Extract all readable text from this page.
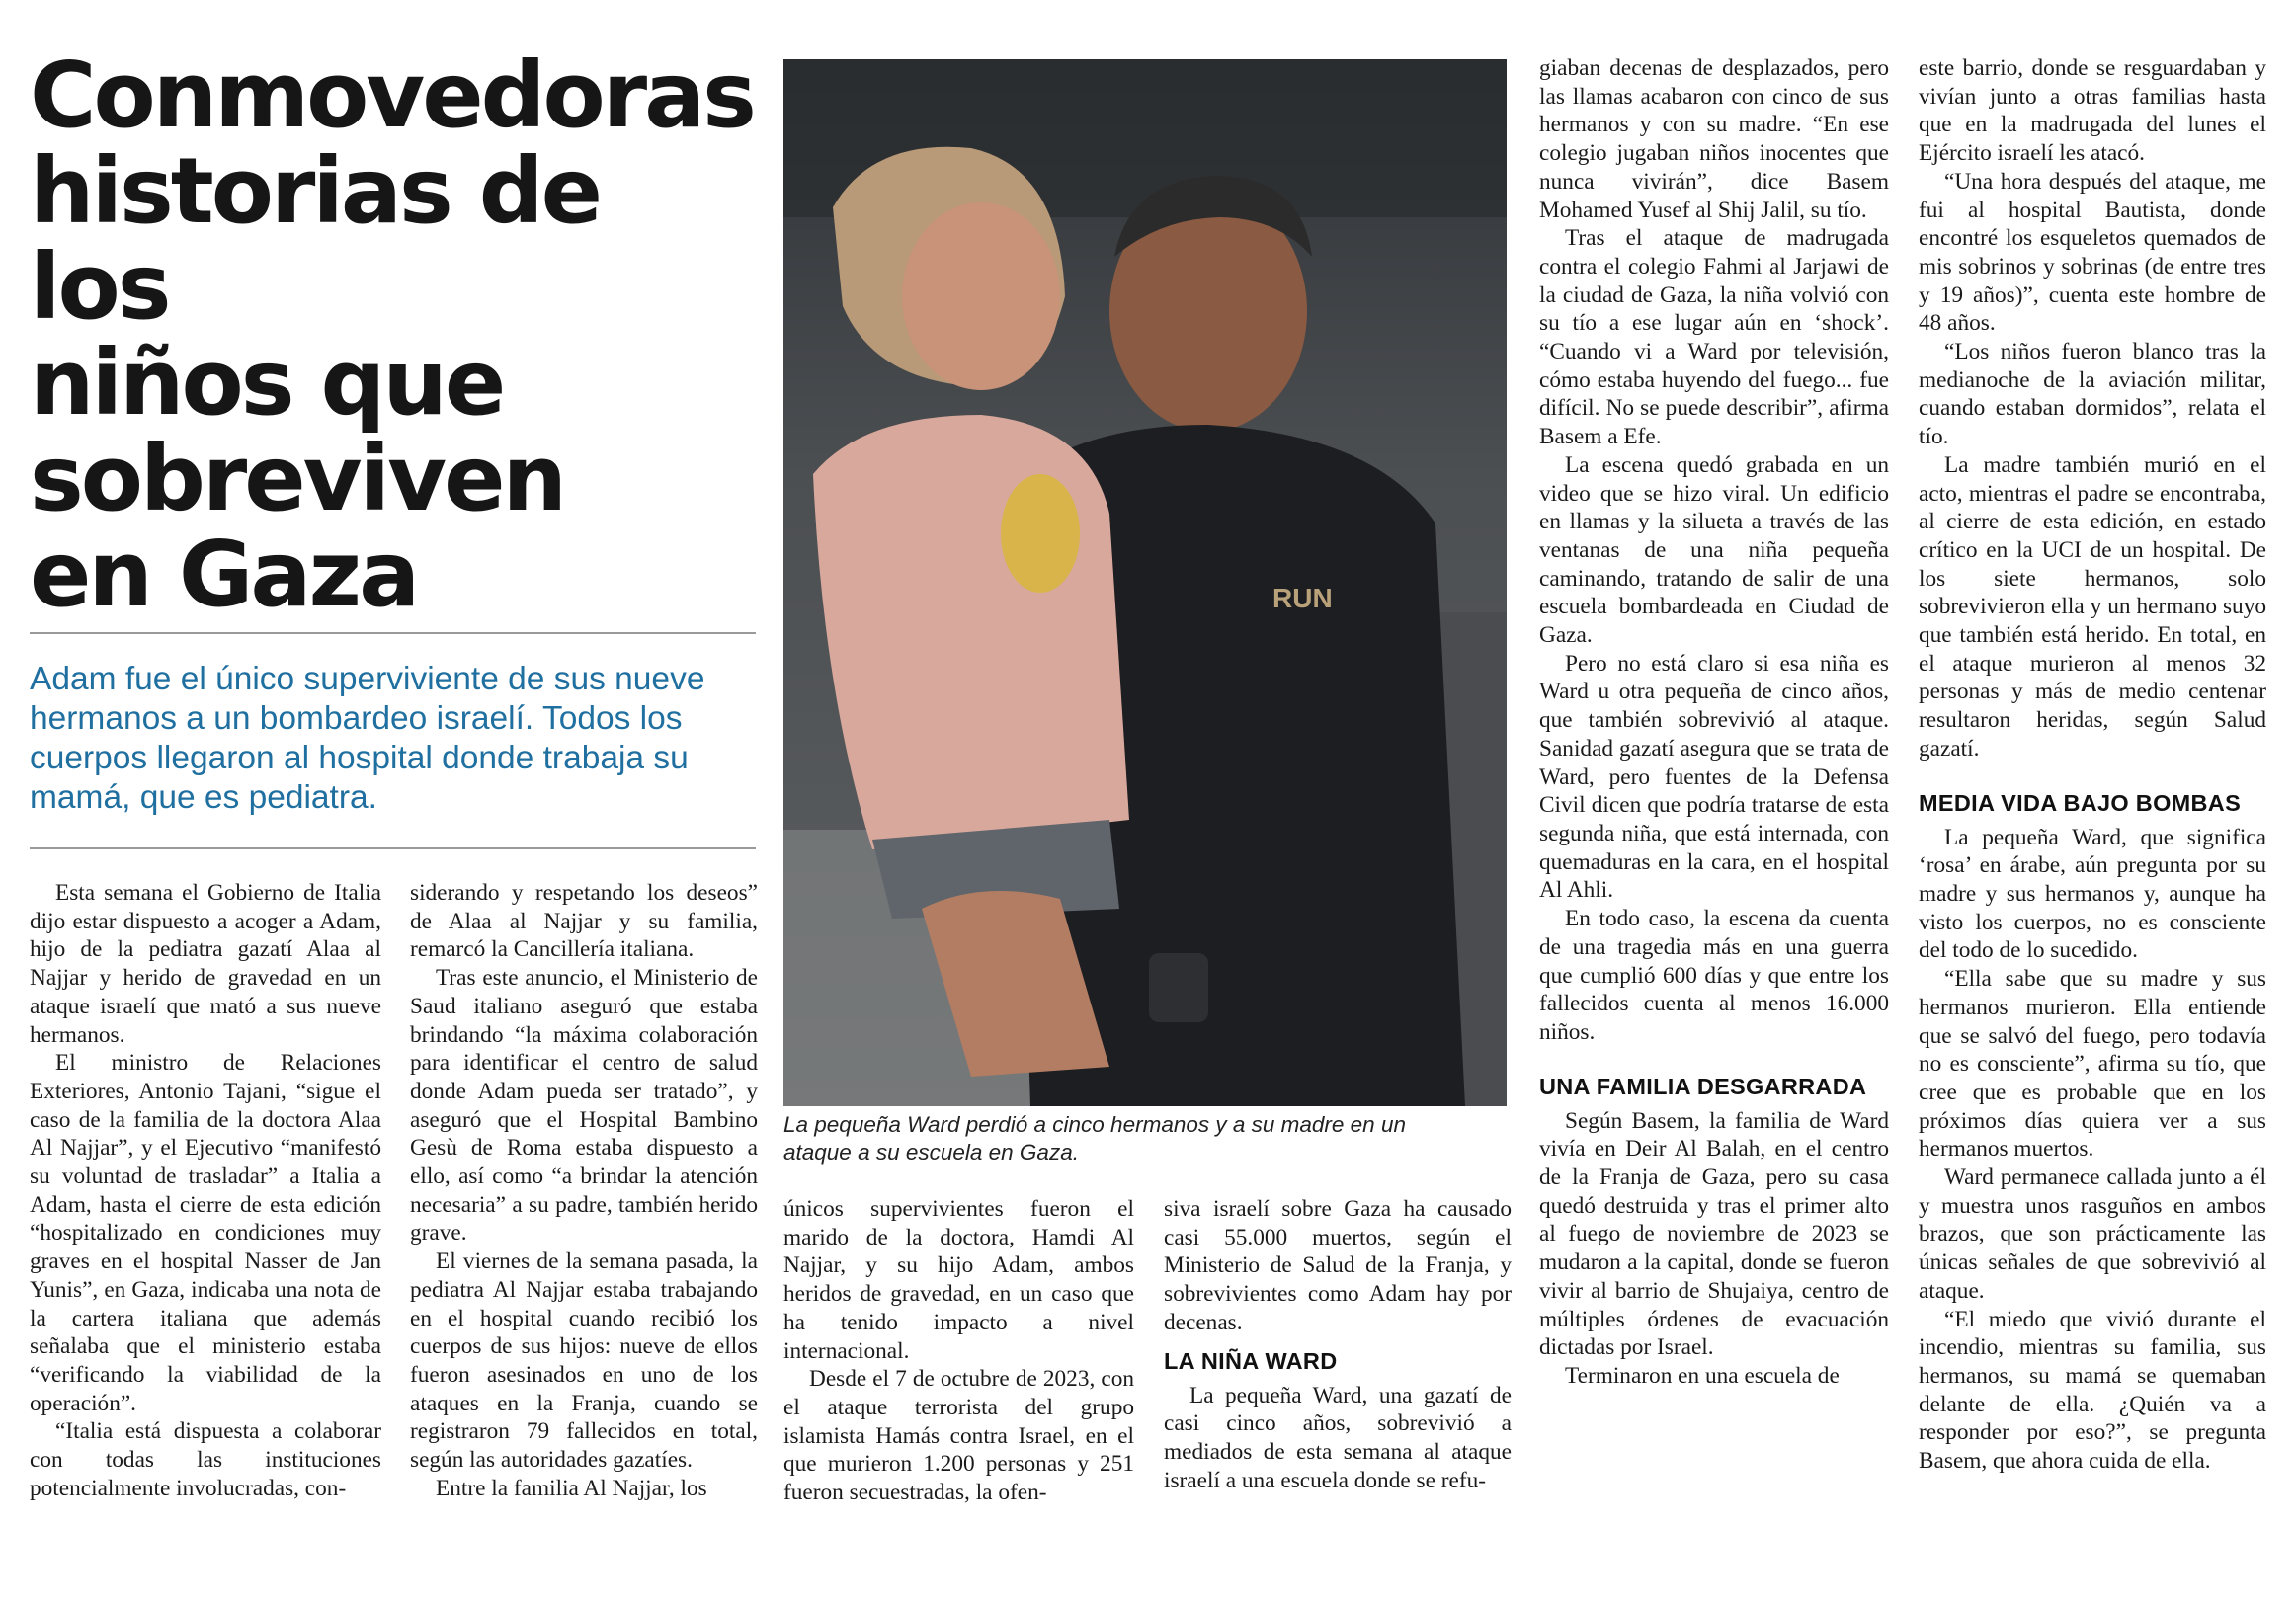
Conmovedoras
historias de los
niños que
sobreviven
en Gaza

Adam fue el único superviviente de sus nueve hermanos a un bombardeo israelí. Todos los cuerpos llegaron al hospital donde trabaja su mamá, que es pediatra.

Esta semana el Gobierno de Italia dijo estar dispuesto a acoger a Adam, hijo de la pediatra gazatí Alaa al Najjar y herido de gravedad en un ataque israelí que mató a sus nueve hermanos.

El ministro de Relaciones Exteriores, Antonio Tajani, “sigue el caso de la familia de la doctora Alaa Al Najjar”, y el Ejecutivo “manifestó su voluntad de trasladar” a Italia a Adam, hasta el cierre de esta edición “hospitalizado en condiciones muy graves en el hospital Nasser de Jan Yunis”, en Gaza, indicaba una nota de la cartera italiana que además señalaba que el ministerio estaba “verificando la viabilidad de la operación”.

“Italia está dispuesta a colaborar con todas las instituciones potencialmente involucradas, con-

siderando y respetando los deseos” de Alaa al Najjar y su familia, remarcó la Cancillería italiana.

Tras este anuncio, el Ministerio de Saud italiano aseguró que estaba brindando “la máxima colaboración para identificar el centro de salud donde Adam pueda ser tratado”, y aseguró que el Hospital Bambino Gesù de Roma estaba dispuesto a ello, así como “a brindar la atención necesaria” a su padre, también herido grave.

El viernes de la semana pasada, la pediatra Al Najjar estaba trabajando en el hospital cuando recibió los cuerpos de sus hijos: nueve de ellos fueron asesinados en uno de los ataques en la Franja, cuando se registraron 79 fallecidos en total, según las autoridades gazatíes.

Entre la familia Al Najjar, los

RUN

La pequeña Ward perdió a cinco hermanos y a su madre en un ataque a su escuela en Gaza.

únicos supervivientes fueron el marido de la doctora, Hamdi Al Najjar, y su hijo Adam, ambos heridos de gravedad, en un caso que ha tenido impacto a nivel internacional.

Desde el 7 de octubre de 2023, con el ataque terrorista del grupo islamista Hamás contra Israel, en el que murieron 1.200 personas y 251 fueron secuestradas, la ofen-

siva israelí sobre Gaza ha causado casi 55.000 muertos, según el Ministerio de Salud de la Franja, y sobrevivientes como Adam hay por decenas.

LA NIÑA WARD

La pequeña Ward, una gazatí de casi cinco años, sobrevivió a mediados de esta semana al ataque israelí a una escuela donde se refu-

giaban decenas de desplazados, pero las llamas acabaron con cinco de sus hermanos y con su madre. “En ese colegio jugaban niños inocentes que nunca vivirán”, dice Basem Mohamed Yusef al Shij Jalil, su tío.

Tras el ataque de madrugada contra el colegio Fahmi al Jarjawi de la ciudad de Gaza, la niña volvió con su tío a ese lugar aún en ‘shock’. “Cuando vi a Ward por televisión, cómo estaba huyendo del fuego... fue difícil. No se puede describir”, afirma Basem a Efe.

La escena quedó grabada en un video que se hizo viral. Un edificio en llamas y la silueta a través de las ventanas de una niña pequeña caminando, tratando de salir de una escuela bombardeada en Ciudad de Gaza.

Pero no está claro si esa niña es Ward u otra pequeña de cinco años, que también sobrevivió al ataque. Sanidad gazatí asegura que se trata de Ward, pero fuentes de la Defensa Civil dicen que podría tratarse de esta segunda niña, que está internada, con quemaduras en la cara, en el hospital Al Ahli.

En todo caso, la escena da cuenta de una tragedia más en una guerra que cumplió 600 días y que entre los fallecidos cuenta al menos 16.000 niños.

UNA FAMILIA DESGARRADA

Según Basem, la familia de Ward vivía en Deir Al Balah, en el centro de la Franja de Gaza, pero su casa quedó destruida y tras el primer alto al fuego de noviembre de 2023 se mudaron a la capital, donde se fueron vivir al barrio de Shujaiya, centro de múltiples órdenes de evacuación dictadas por Israel.

Terminaron en una escuela de

este barrio, donde se resguardaban y vivían junto a otras familias hasta que en la madrugada del lunes el Ejército israelí les atacó.

“Una hora después del ataque, me fui al hospital Bautista, donde encontré los esqueletos quemados de mis sobrinos y sobrinas (de entre tres y 19 años)”, cuenta este hombre de 48 años.

“Los niños fueron blanco tras la medianoche de la aviación militar, cuando estaban dormidos”, relata el tío.

La madre también murió en el acto, mientras el padre se encontraba, al cierre de esta edición, en estado crítico en la UCI de un hospital. De los siete hermanos, solo sobrevivieron ella y un hermano suyo que también está herido. En total, en el ataque murieron al menos 32 personas y más de medio centenar resultaron heridas, según Salud gazatí.

MEDIA VIDA BAJO BOMBAS

La pequeña Ward, que significa ‘rosa’ en árabe, aún pregunta por su madre y sus hermanos y, aunque ha visto los cuerpos, no es consciente del todo de lo sucedido.

“Ella sabe que su madre y sus hermanos murieron. Ella entiende que se salvó del fuego, pero todavía no es consciente”, afirma su tío, que cree que es probable que en los próximos días quiera ver a sus hermanos muertos.

Ward permanece callada junto a él y muestra unos rasguños en ambos brazos, que son prácticamente las únicas señales de que sobrevivió al ataque.

“El miedo que vivió durante el incendio, mientras su familia, sus hermanos, su mamá se quemaban delante de ella. ¿Quién va a responder por eso?”, se pregunta Basem, que ahora cuida de ella.
